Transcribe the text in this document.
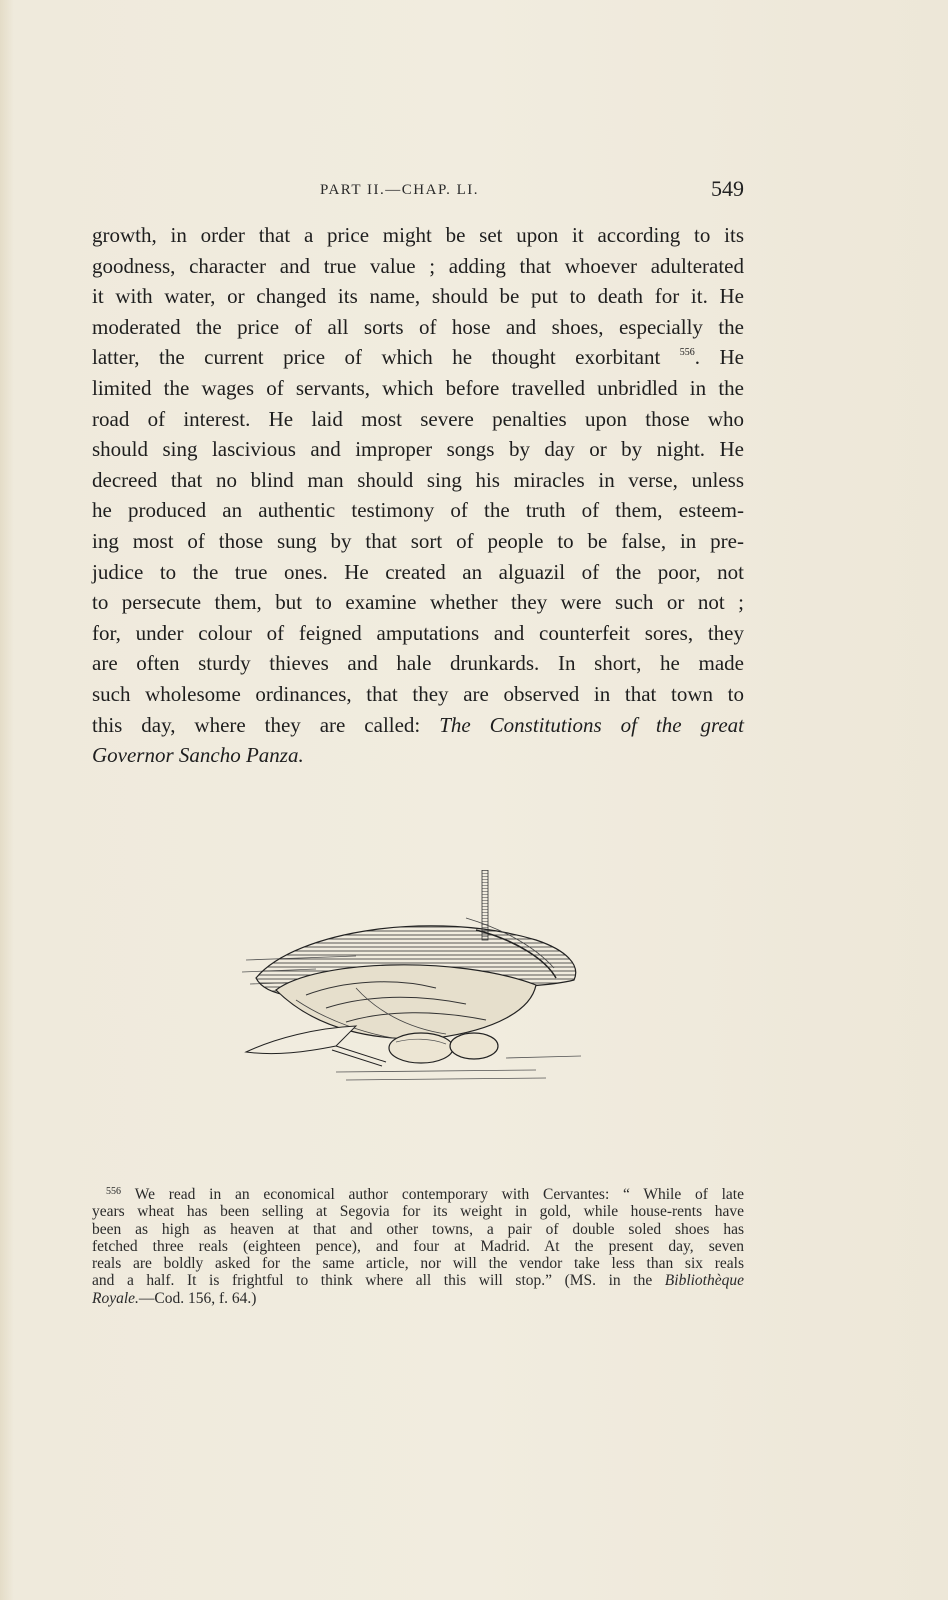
PART II.—CHAP. LI.	549
growth, in order that a price might be set upon it according to its
goodness, character and true value ; adding that whoever adulterated
it with water, or changed its name, should be put to death for it. He
moderated the price of all sorts of hose and shoes, especially the
latter, the current price of which he thought exorbitant $^{556}$. He
limited the wages of servants, which before travelled unbridled in the
road of interest. He laid most severe penalties upon those who
should sing lascivious and improper songs by day or by night. He
decreed that no blind man should sing his miracles in verse, unless
he produced an authentic testimony of the truth of them, esteem-
ing most of those sung by that sort of people to be false, in pre-
judice to the true ones. He created an alguazil of the poor, not
to persecute them, but to examine whether they were such or not ;
for, under colour of feigned amputations and counterfeit sores, they
are often sturdy thieves and hale drunkards. In short, he made
such wholesome ordinances, that they are observed in that town to
this day, where they are called: The Constitutions of the great
Governor Sancho Panza.
$^{556}$ We read in an economical author contemporary with Cervantes: “ While of late
years wheat has been selling at Segovia for its weight in gold, while house-rents have
been as high as heaven at that and other towns, a pair of double soled shoes has
fetched three reals (eighteen pence), and four at Madrid. At the present day, seven
reals are boldly asked for the same article, nor will the vendor take less than six reals
and a half. It is frightful to think where all this will stop.” (MS. in the Bibliothèque
Royale.—Cod. 156, f. 64.)
